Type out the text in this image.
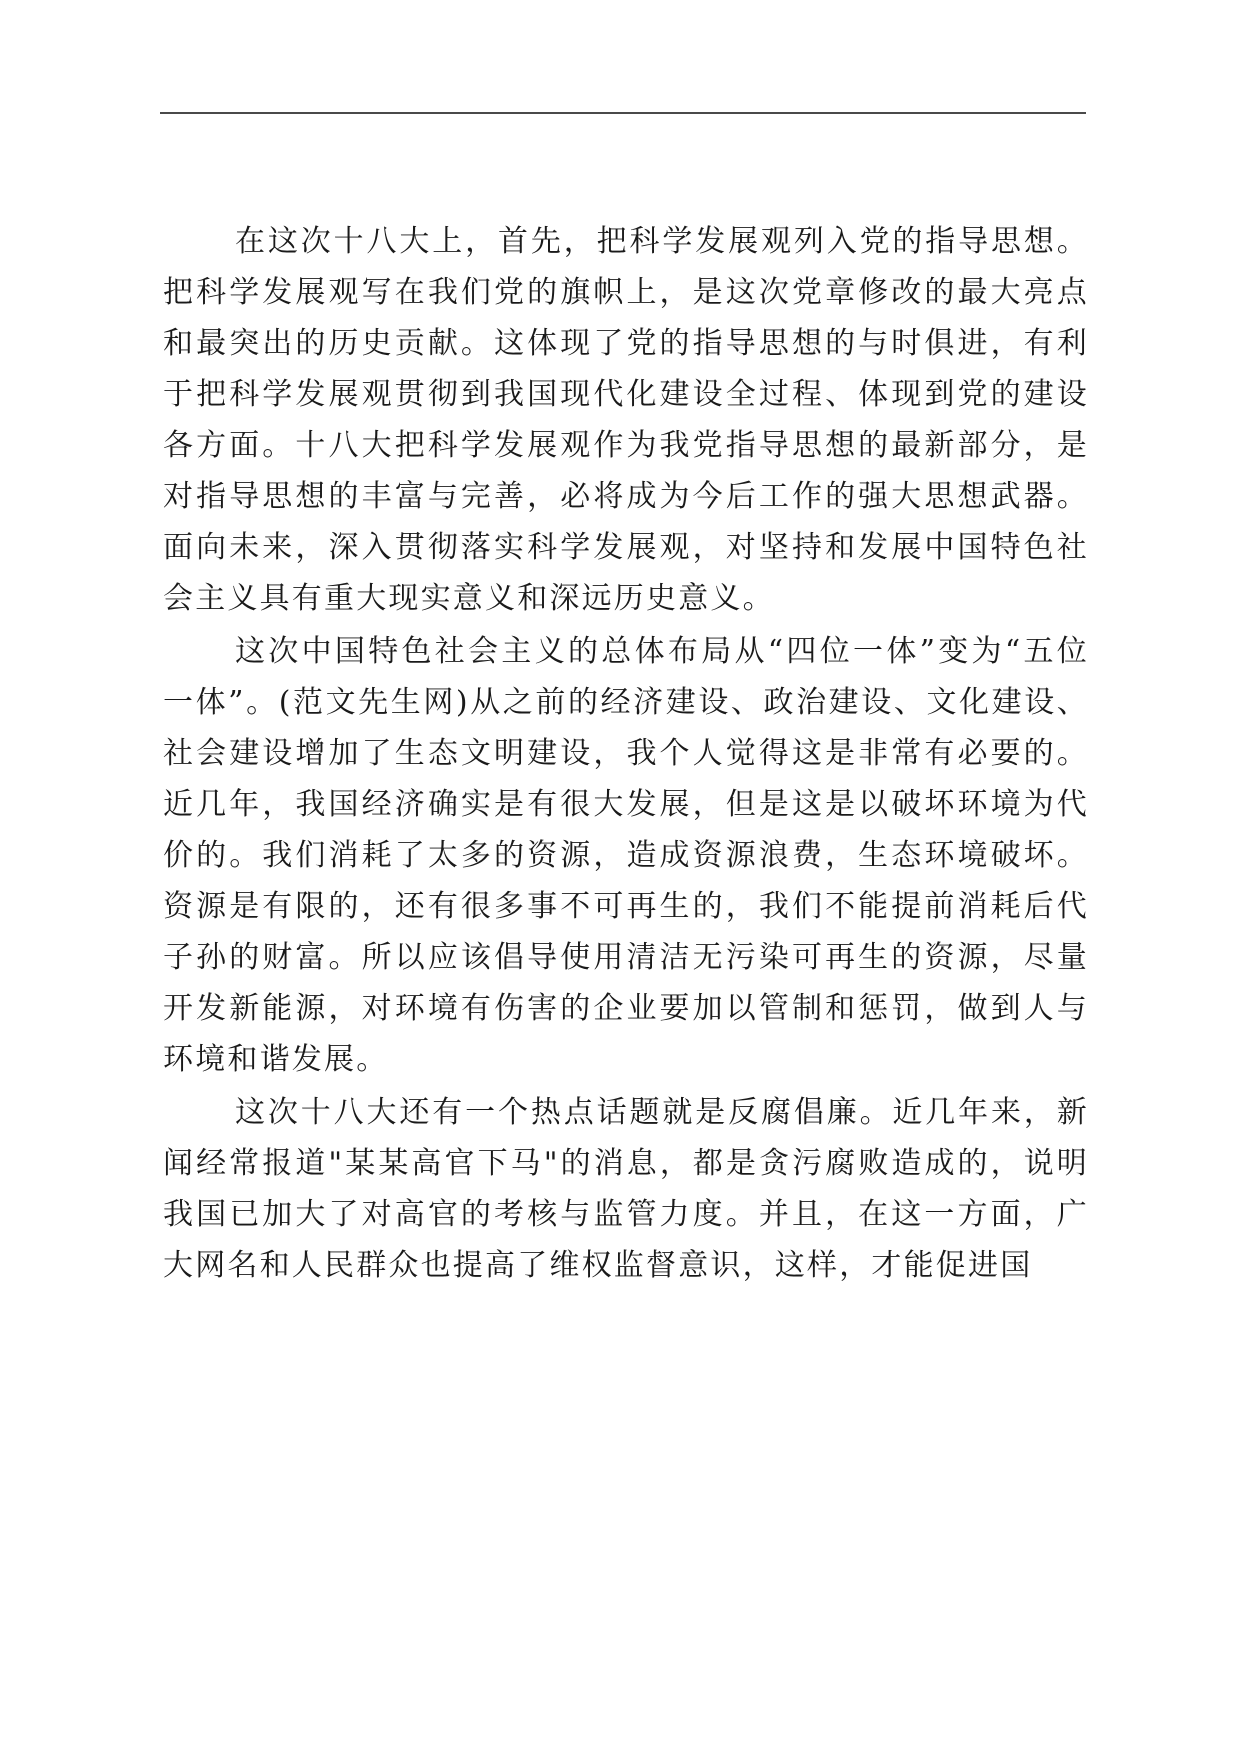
在这次十八大上，首先，把科学发展观列入党的指导思想。把科学发展观写在我们党的旗帜上，是这次党章修改的最大亮点和最突出的历史贡献。这体现了党的指导思想的与时俱进，有利于把科学发展观贯彻到我国现代化建设全过程、体现到党的建设各方面。十八大把科学发展观作为我党指导思想的最新部分，是对指导思想的丰富与完善，必将成为今后工作的强大思想武器。面向未来，深入贯彻落实科学发展观，对坚持和发展中国特色社会主义具有重大现实意义和深远历史意义。

这次中国特色社会主义的总体布局从“四位一体”变为“五位一体”。(范文先生网)从之前的经济建设、政治建设、文化建设、社会建设增加了生态文明建设，我个人觉得这是非常有必要的。近几年，我国经济确实是有很大发展，但是这是以破坏环境为代价的。我们消耗了太多的资源，造成资源浪费，生态环境破坏。资源是有限的，还有很多事不可再生的，我们不能提前消耗后代子孙的财富。所以应该倡导使用清洁无污染可再生的资源，尽量开发新能源，对环境有伤害的企业要加以管制和惩罚，做到人与环境和谐发展。

这次十八大还有一个热点话题就是反腐倡廉。近几年来，新闻经常报道"某某高官下马"的消息，都是贪污腐败造成的，说明我国已加大了对高官的考核与监管力度。并且，在这一方面，广大网名和人民群众也提高了维权监督意识，这样，才能促进国
